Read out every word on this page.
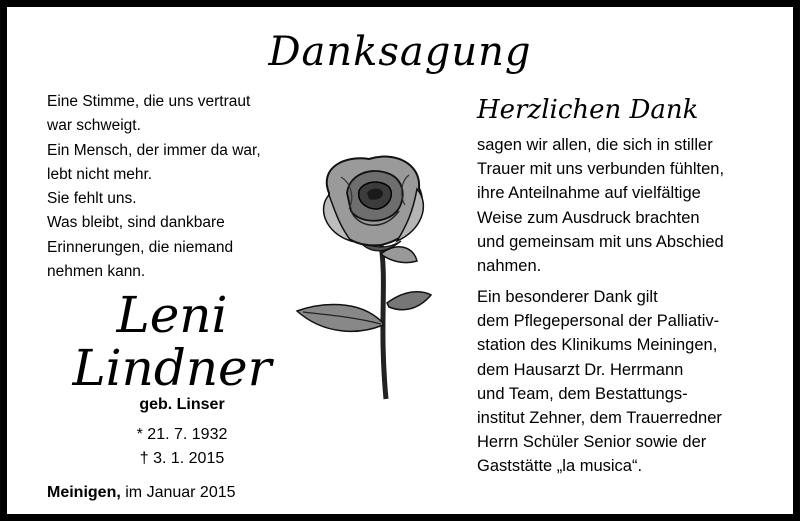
Danksagung
Eine Stimme, die uns vertraut
war schweigt.
Ein Mensch, der immer da war,
lebt nicht mehr.
Sie fehlt uns.
Was bleibt, sind dankbare
Erinnerungen, die niemand
nehmen kann.
Leni
Lindner
geb. Linser
* 21. 7. 1932
† 3. 1. 2015
Meinigen, im Januar 2015
Herzlichen Dank

sagen wir allen, die sich in stiller
Trauer mit uns verbunden fühlten,
ihre Anteilnahme auf vielfältige
Weise zum Ausdruck brachten
und gemeinsam mit uns Abschied
nahmen.

Ein besonderer Dank gilt
dem Pflegepersonal der Palliativ-
station des Klinikums Meiningen,
dem Hausarzt Dr. Herrmann
und Team, dem Bestattungs-
institut Zehner, dem Trauerredner
Herrn Schüler Senior sowie der
Gaststätte „la musica“.
